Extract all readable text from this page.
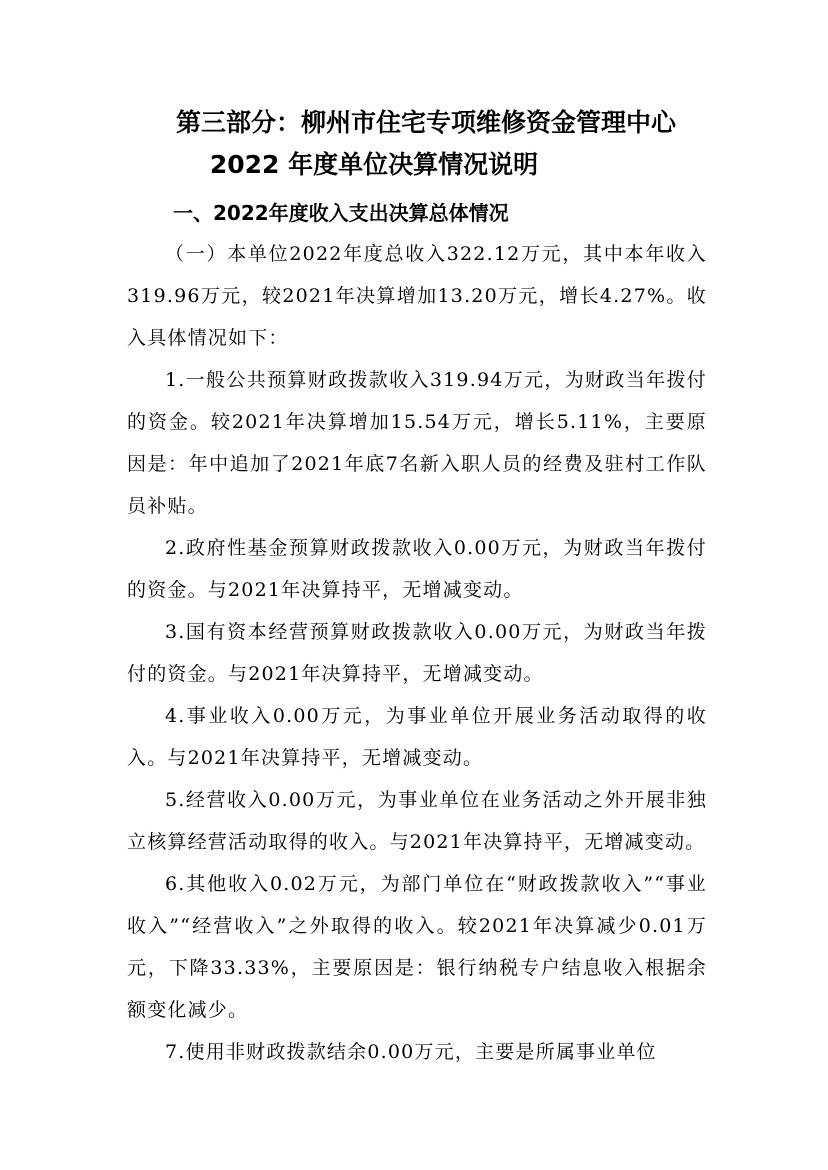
第三部分：柳州市住宅专项维修资金管理中心
2022 年度单位决算情况说明
一、2022年度收入支出决算总体情况

（一）本单位2022年度总收入322.12万元，其中本年收入319.96万元，较2021年决算增加13.20万元，增长4.27%。收入具体情况如下：

1.一般公共预算财政拨款收入319.94万元，为财政当年拨付的资金。较2021年决算增加15.54万元，增长5.11%，主要原因是：年中追加了2021年底7名新入职人员的经费及驻村工作队员补贴。

2.政府性基金预算财政拨款收入0.00万元，为财政当年拨付的资金。与2021年决算持平，无增减变动。

3.国有资本经营预算财政拨款收入0.00万元，为财政当年拨付的资金。与2021年决算持平，无增减变动。

4.事业收入0.00万元，为事业单位开展业务活动取得的收入。与2021年决算持平，无增减变动。

5.经营收入0.00万元，为事业单位在业务活动之外开展非独立核算经营活动取得的收入。与2021年决算持平，无增减变动。

6.其他收入0.02万元，为部门单位在“财政拨款收入”“事业收入”“经营收入”之外取得的收入。较2021年决算减少0.01万元，下降33.33%，主要原因是：银行纳税专户结息收入根据余额变化减少。

7.使用非财政拨款结余0.00万元，主要是所属事业单位
